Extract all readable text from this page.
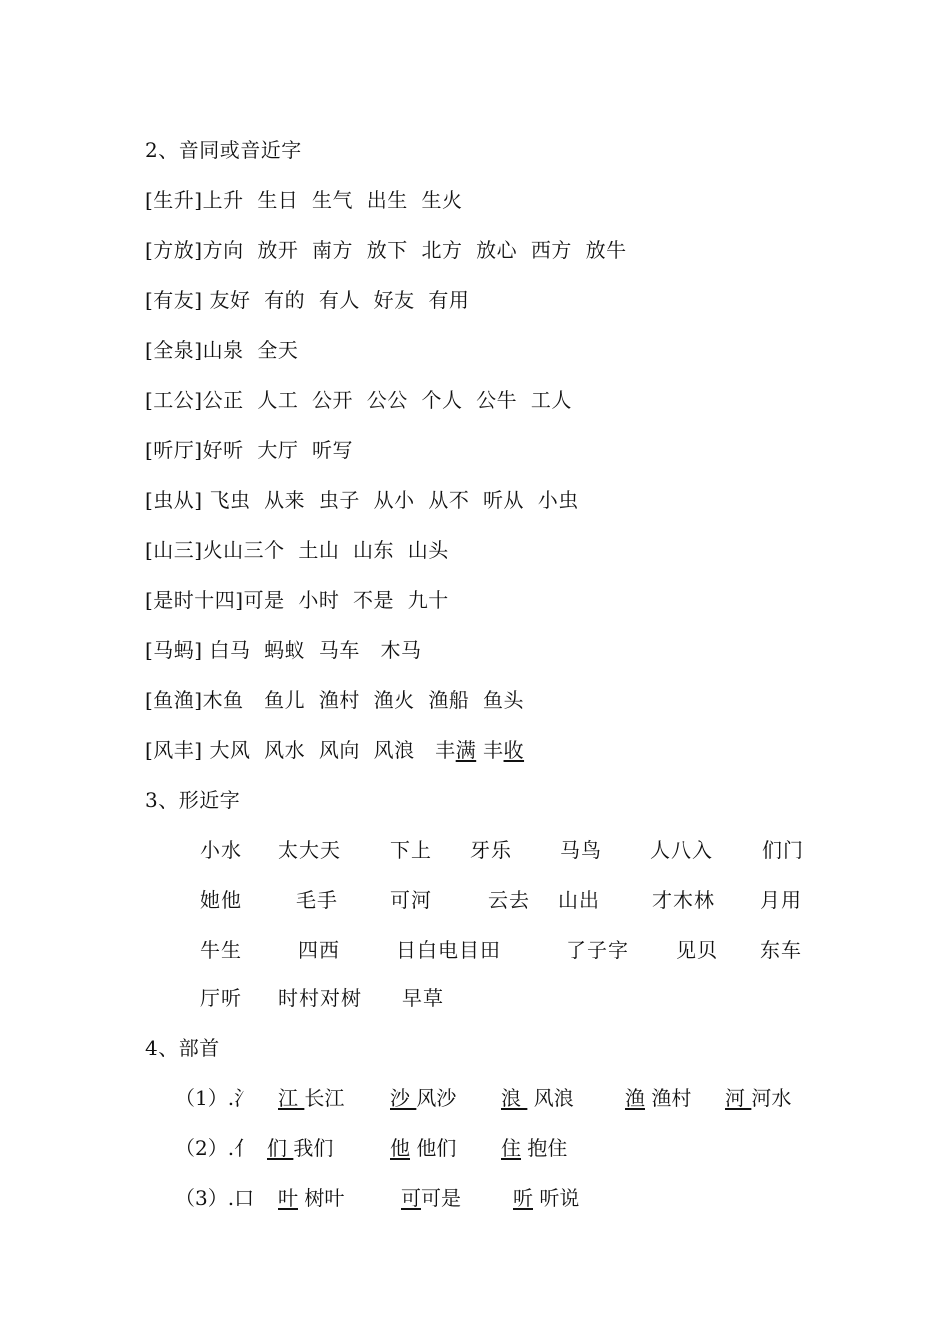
2、音同或音近字
[生升]上升  生日  生气  出生  生火
[方放]方向  放开  南方  放下  北方  放心  西方  放牛
[有友] 友好  有的  有人  好友  有用
[全泉]山泉  全天
[工公]公正  人工  公开  公公  个人  公牛  工人
[听厅]好听  大厅  听写
[虫从] 飞虫  从来  虫子  从小  从不  听从  小虫
[山三]火山三个  土山  山东  山头
[是时十四]可是  小时  不是  九十
[马蚂] 白马  蚂蚁  马车   木马
[鱼渔]木鱼   鱼儿  渔村  渔火  渔船  鱼头
[风丰] 大风  风水  风向  风浪   丰满 丰收
3、形近字
小水 太大天 下上 牙乐 马鸟 人八入 们门
她他	毛手	可河	云去 山出	才木林 月用
牛生	四西	日白电目田	了子字 见贝 东车
厅听 时村对树 早草
4、部首
（1）.氵 江 长江 沙 风沙 浪  风浪	渔 渔村 河 河水
（2）.亻 们 我们	他 他们 住 抱住
（3）.口 叶 树叶	可可是	听 听说
